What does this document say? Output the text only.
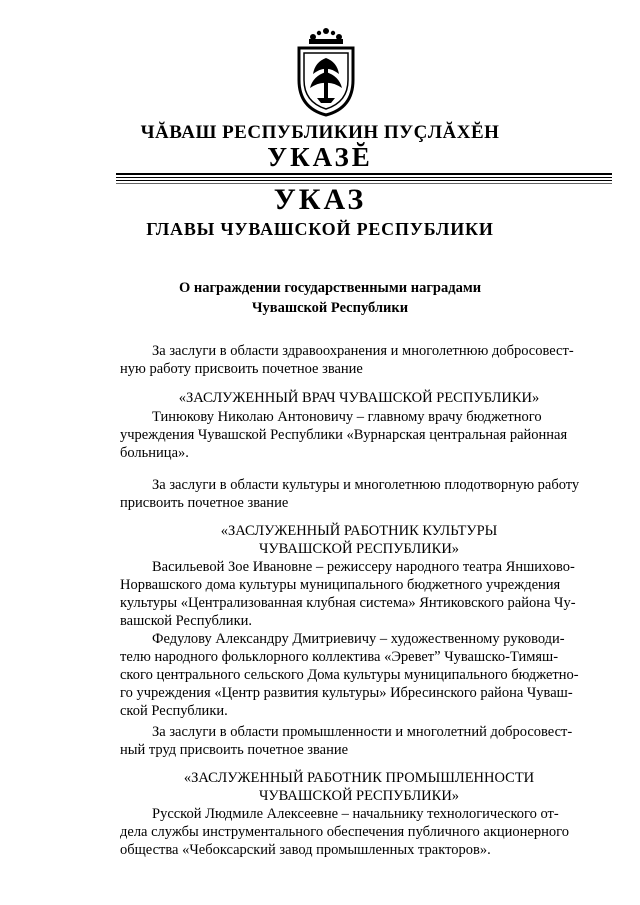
ЧĂВАШ РЕСПУБЛИКИН ПУÇЛĂХĔН
УКАЗĔ
УКАЗ
ГЛАВЫ ЧУВАШСКОЙ РЕСПУБЛИКИ
О награждении государственными наградами
Чувашской Республики
За заслуги в области здравоохранения и многолетнюю добросовест-
ную работу присвоить почетное звание
«ЗАСЛУЖЕННЫЙ ВРАЧ ЧУВАШСКОЙ РЕСПУБЛИКИ»
Тинюкову Николаю Антоновичу – главному врачу бюджетного
учреждения Чувашской Республики «Вурнарская центральная районная
больница».
За заслуги в области культуры и многолетнюю плодотворную работу
присвоить почетное звание
«ЗАСЛУЖЕННЫЙ РАБОТНИК КУЛЬТУРЫ
ЧУВАШСКОЙ РЕСПУБЛИКИ»
Васильевой Зое Ивановне – режиссеру народного театра Яншихово-
Норвашского дома культуры муниципального бюджетного учреждения
культуры «Централизованная клубная система» Янтиковского района Чу-
вашской Республики.
Федулову Александру Дмитриевичу – художественному руководи-
телю народного фольклорного коллектива «Эреветˮ Чувашско-Тимяш-
ского центрального сельского Дома культуры муниципального бюджетно-
го учреждения «Центр развития культуры» Ибресинского района Чуваш-
ской Республики.
За заслуги в области промышленности и многолетний добросовест-
ный труд присвоить почетное звание
«ЗАСЛУЖЕННЫЙ РАБОТНИК ПРОМЫШЛЕННОСТИ
ЧУВАШСКОЙ РЕСПУБЛИКИ»
Русской Людмиле Алексеевне – начальнику технологического от-
дела службы инструментального обеспечения публичного акционерного
общества «Чебоксарский завод промышленных тракторов».
